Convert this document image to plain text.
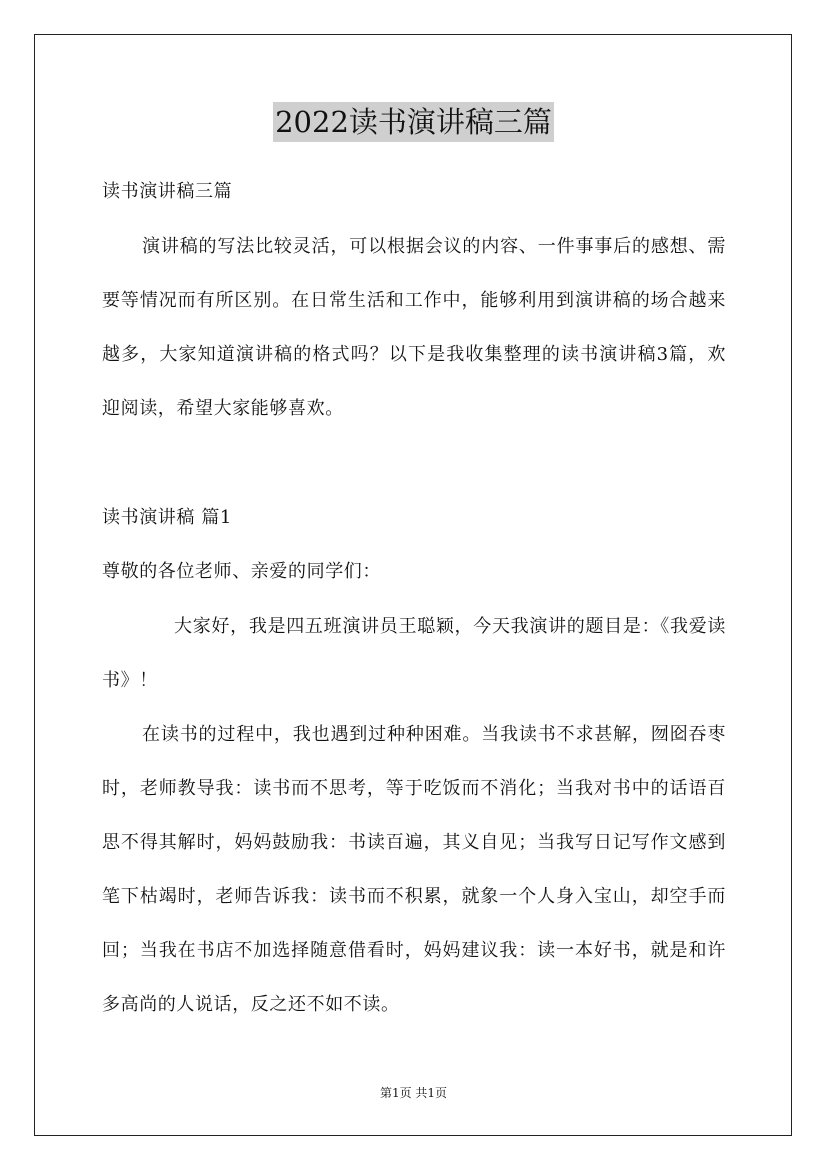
2022读书演讲稿三篇

读书演讲稿三篇

演讲稿的写法比较灵活，可以根据会议的内容、一件事事后的感想、需要等情况而有所区别。在日常生活和工作中，能够利用到演讲稿的场合越来越多，大家知道演讲稿的格式吗？以下是我收集整理的读书演讲稿3篇，欢迎阅读，希望大家能够喜欢。

读书演讲稿 篇1

尊敬的各位老师、亲爱的同学们：

大家好，我是四五班演讲员王聪颖，今天我演讲的题目是：《我爱读书》！

在读书的过程中，我也遇到过种种困难。当我读书不求甚解，囫囵吞枣时，老师教导我：读书而不思考，等于吃饭而不消化；当我对书中的话语百思不得其解时，妈妈鼓励我：书读百遍，其义自见；当我写日记写作文感到笔下枯竭时，老师告诉我：读书而不积累，就象一个人身入宝山，却空手而回；当我在书店不加选择随意借看时，妈妈建议我：读一本好书，就是和许多高尚的人说话，反之还不如不读。

第1页 共1页
